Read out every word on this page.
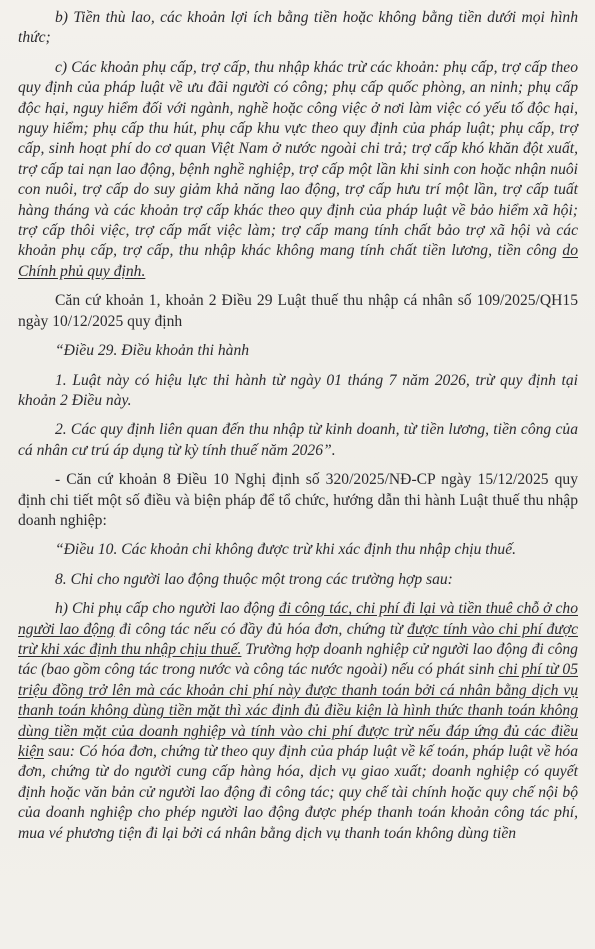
b) Tiền thù lao, các khoản lợi ích bằng tiền hoặc không bằng tiền dưới mọi hình thức;

c) Các khoản phụ cấp, trợ cấp, thu nhập khác trừ các khoản: phụ cấp, trợ cấp theo quy định của pháp luật về ưu đãi người có công; phụ cấp quốc phòng, an ninh; phụ cấp độc hại, nguy hiểm đối với ngành, nghề hoặc công việc ở nơi làm việc có yếu tố độc hại, nguy hiểm; phụ cấp thu hút, phụ cấp khu vực theo quy định của pháp luật; phụ cấp, trợ cấp, sinh hoạt phí do cơ quan Việt Nam ở nước ngoài chi trả; trợ cấp khó khăn đột xuất, trợ cấp tai nạn lao động, bệnh nghề nghiệp, trợ cấp một lần khi sinh con hoặc nhận nuôi con nuôi, trợ cấp do suy giảm khả năng lao động, trợ cấp hưu trí một lần, trợ cấp tuất hàng tháng và các khoản trợ cấp khác theo quy định của pháp luật về bảo hiểm xã hội; trợ cấp thôi việc, trợ cấp mất việc làm; trợ cấp mang tính chất bảo trợ xã hội và các khoản phụ cấp, trợ cấp, thu nhập khác không mang tính chất tiền lương, tiền công do Chính phủ quy định.

Căn cứ khoản 1, khoản 2 Điều 29 Luật thuế thu nhập cá nhân số 109/2025/QH15 ngày 10/12/2025 quy định

“Điều 29. Điều khoản thi hành

1. Luật này có hiệu lực thi hành từ ngày 01 tháng 7 năm 2026, trừ quy định tại khoản 2 Điều này.

2. Các quy định liên quan đến thu nhập từ kinh doanh, từ tiền lương, tiền công của cá nhân cư trú áp dụng từ kỳ tính thuế năm 2026”.

- Căn cứ khoản 8 Điều 10 Nghị định số 320/2025/NĐ-CP ngày 15/12/2025 quy định chi tiết một số điều và biện pháp để tổ chức, hướng dẫn thi hành Luật thuế thu nhập doanh nghiệp:

“Điều 10. Các khoản chi không được trừ khi xác định thu nhập chịu thuế.

8. Chi cho người lao động thuộc một trong các trường hợp sau:

h) Chi phụ cấp cho người lao động đi công tác, chi phí đi lại và tiền thuê chỗ ở cho người lao động đi công tác nếu có đầy đủ hóa đơn, chứng từ được tính vào chi phí được trừ khi xác định thu nhập chịu thuế. Trường hợp doanh nghiệp cử người lao động đi công tác (bao gồm công tác trong nước và công tác nước ngoài) nếu có phát sinh chi phí từ 05 triệu đồng trở lên mà các khoản chi phí này được thanh toán bởi cá nhân bằng dịch vụ thanh toán không dùng tiền mặt thì xác định đủ điều kiện là hình thức thanh toán không dùng tiền mặt của doanh nghiệp và tính vào chi phí được trừ nếu đáp ứng đủ các điều kiện sau: Có hóa đơn, chứng từ theo quy định của pháp luật về kế toán, pháp luật về hóa đơn, chứng từ do người cung cấp hàng hóa, dịch vụ giao xuất; doanh nghiệp có quyết định hoặc văn bản cử người lao động đi công tác; quy chế tài chính hoặc quy chế nội bộ của doanh nghiệp cho phép người lao động được phép thanh toán khoản công tác phí, mua vé phương tiện đi lại bởi cá nhân bằng dịch vụ thanh toán không dùng tiền
